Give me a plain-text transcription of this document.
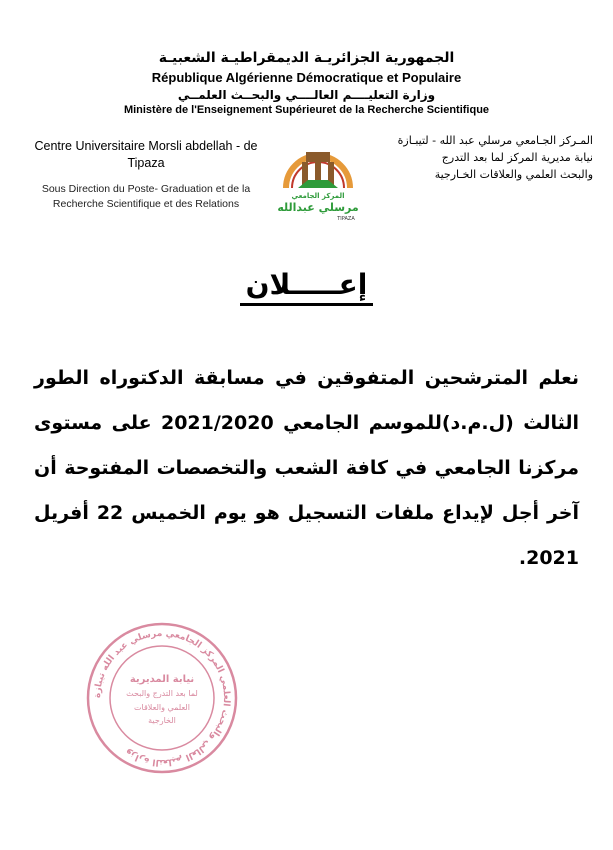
الجمهورية الجزائريـة الديمقراطيـة الشعبيـة
République Algérienne Démocratique et Populaire
وزارة التعليــــم العالــــي والبحــث العلمــي
Ministère de l'Enseignement Supérieuret de la Recherche Scientifique
Centre Universitaire Morsli abdellah - de Tipaza
Sous Direction du Poste- Graduation et de la Recherche Scientifique et des Relations
المـركز الجـامعي مرسلي عبد الله - لتيبـازة
نيابة مديرية المركز لما بعد التدرج
والبحث العلمي والعلاقات الخـارجية
المركز الجامعي
مرسلي عبدالله
TIPAZA
إعـــــلان
نعلم المترشحين المتفوقين في مسابقة الدكتوراه الطور الثالث (ل.م.د)للموسم الجامعي 2021/2020 على مستوى مركزنا الجامعي في كافة الشعب والتخصصات المفتوحة أن آخر أجل لإيداع ملفات التسجيل هو يوم الخميس 22 أفريل 2021.
وزارة التعليم العالي والبحث العلمي المركز الجامعي مرسلي عبد الله تيبازة
نيابة المديرية
لما بعد التدرج والبحث
العلمي والعلاقات
الخارجية
